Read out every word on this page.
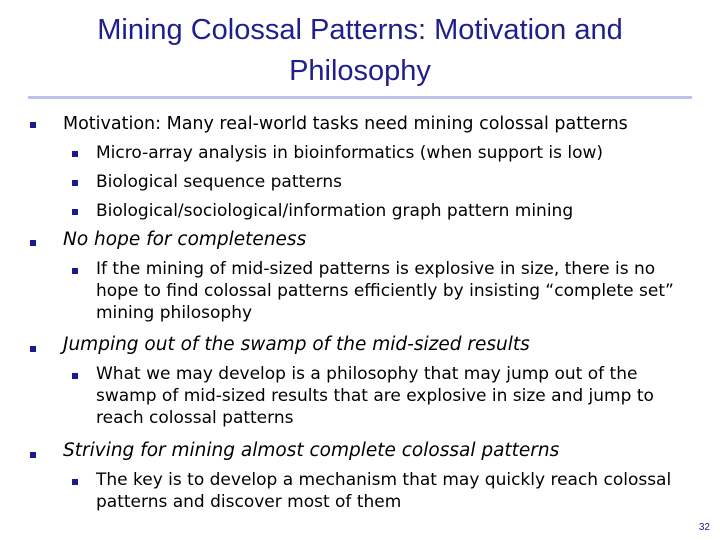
Mining Colossal Patterns: Motivation and
Philosophy
Motivation: Many real-world tasks need mining colossal patterns
Micro-array analysis in bioinformatics (when support is low)
Biological sequence patterns
Biological/sociological/information graph pattern mining
No hope for completeness
If the mining of mid-sized patterns is explosive in size, there is no
hope to find colossal patterns efficiently by insisting “complete set”
mining philosophy
Jumping out of the swamp of the mid-sized results
What we may develop is a philosophy that may jump out of the
swamp of mid-sized results that are explosive in size and jump to
reach colossal patterns
Striving for mining almost complete colossal patterns
The key is to develop a mechanism that may quickly reach colossal
patterns and discover most of them
32
